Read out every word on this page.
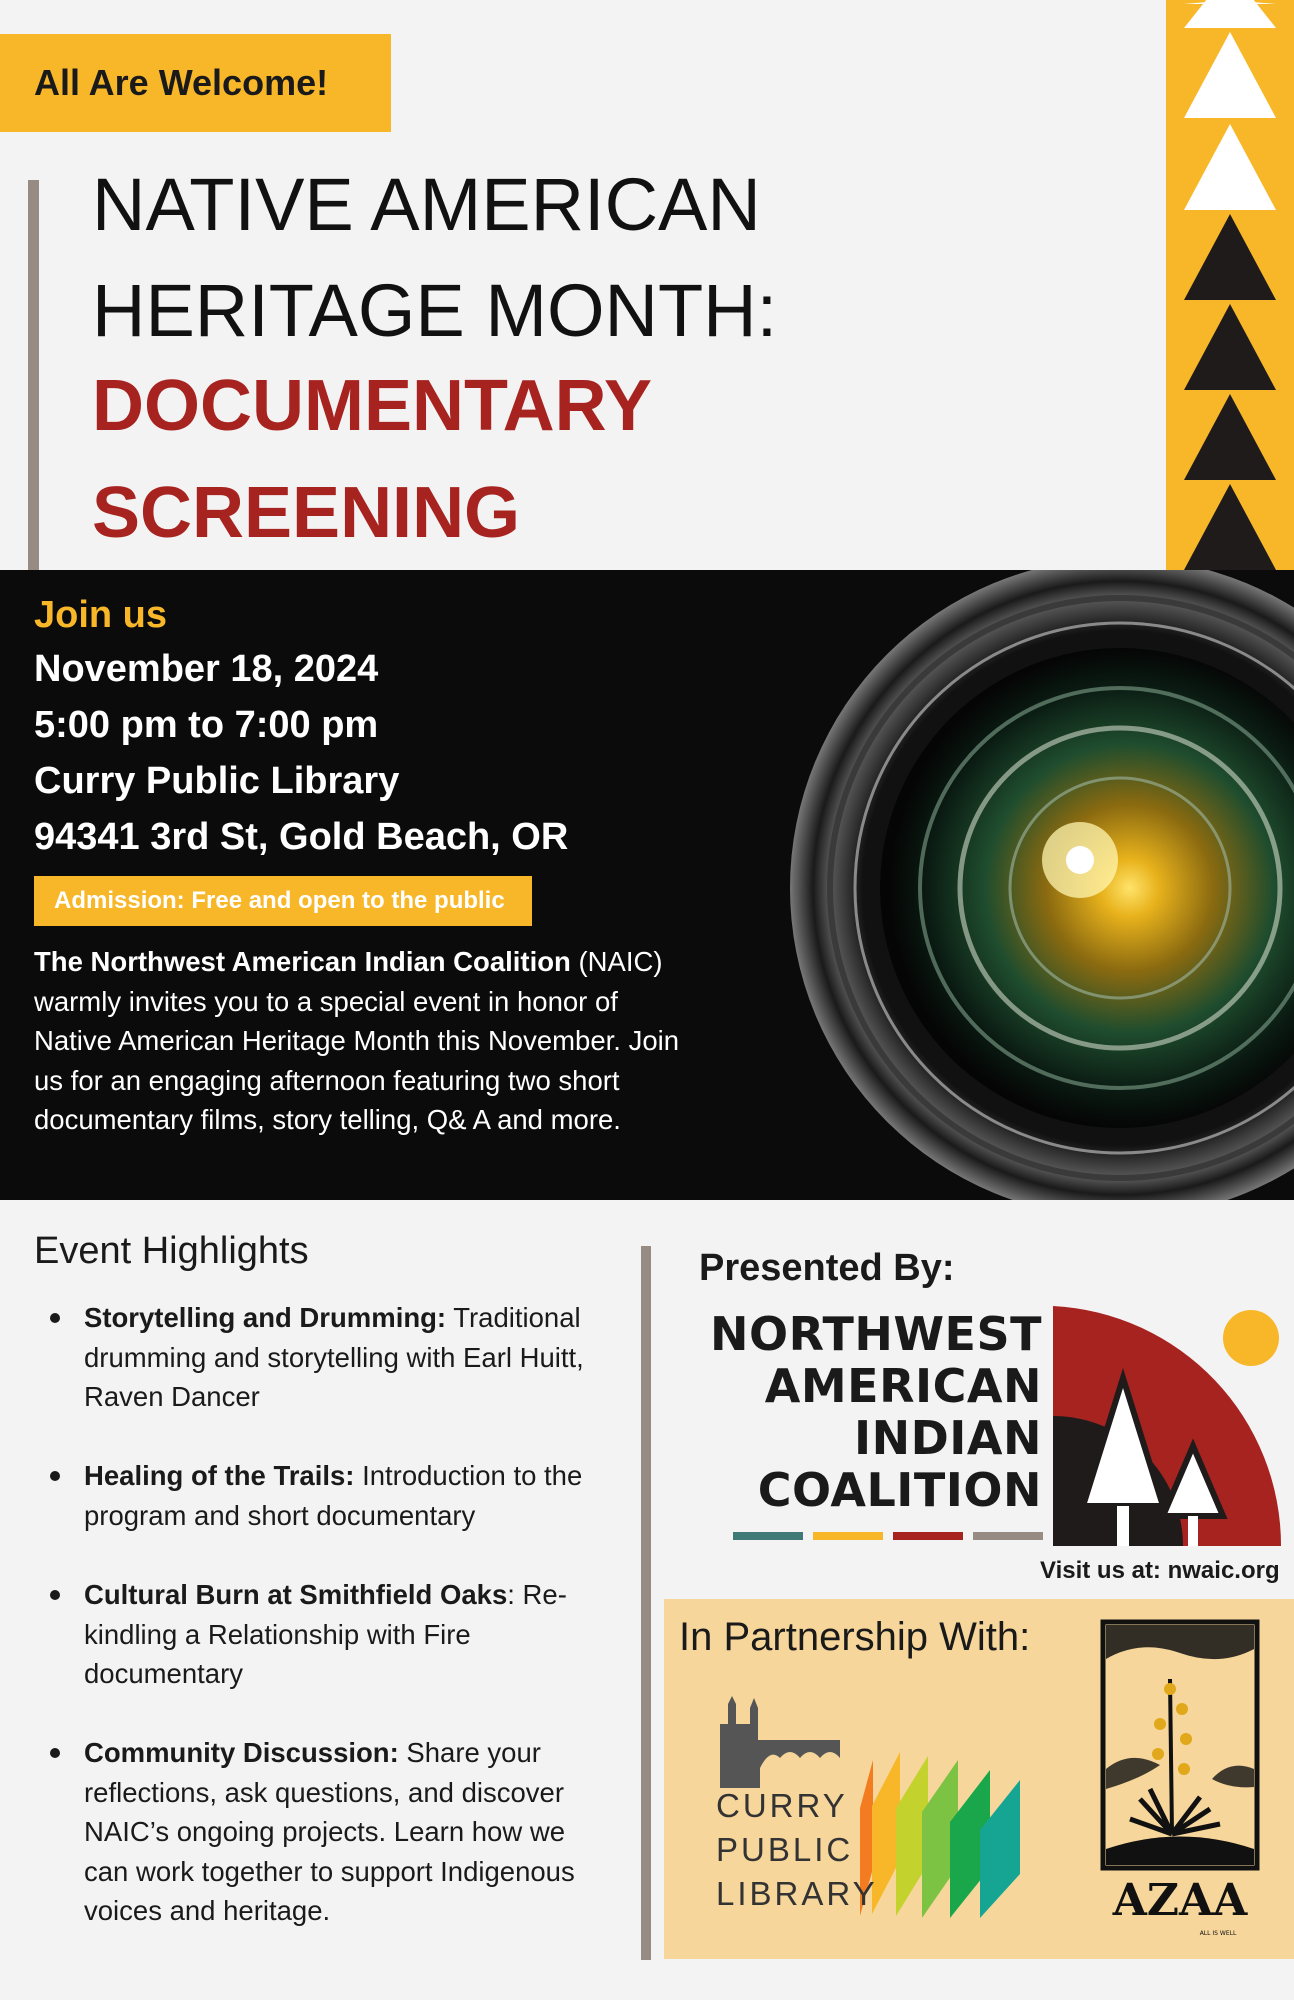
All Are Welcome!
NATIVE AMERICAN
HERITAGE MONTH:
DOCUMENTARY
SCREENING
Join us
November 18, 2024
5:00 pm to 7:00 pm
Curry Public Library
94341 3rd St, Gold Beach, OR
Admission: Free and open to the public
The Northwest American Indian Coalition (NAIC) warmly invites you to a special event in honor of Native American Heritage Month this November. Join us for an engaging afternoon featuring two short documentary films, story telling, Q& A and more.
Event Highlights
Storytelling and Drumming: Traditional drumming and storytelling with Earl Huitt, Raven Dancer
Healing of the Trails: Introduction to the program and short documentary
Cultural Burn at Smithfield Oaks: Re-kindling a Relationship with Fire documentary
Community Discussion: Share your reflections, ask questions, and discover NAIC’s ongoing projects. Learn how we can work together to support Indigenous voices and heritage.
Presented By:
NORTHWEST
AMERICAN
INDIAN
COALITION
Visit us at: nwaic.org
In Partnership With:
CURRY
PUBLIC
LIBRARY	AZAA
ALL IS WELL
